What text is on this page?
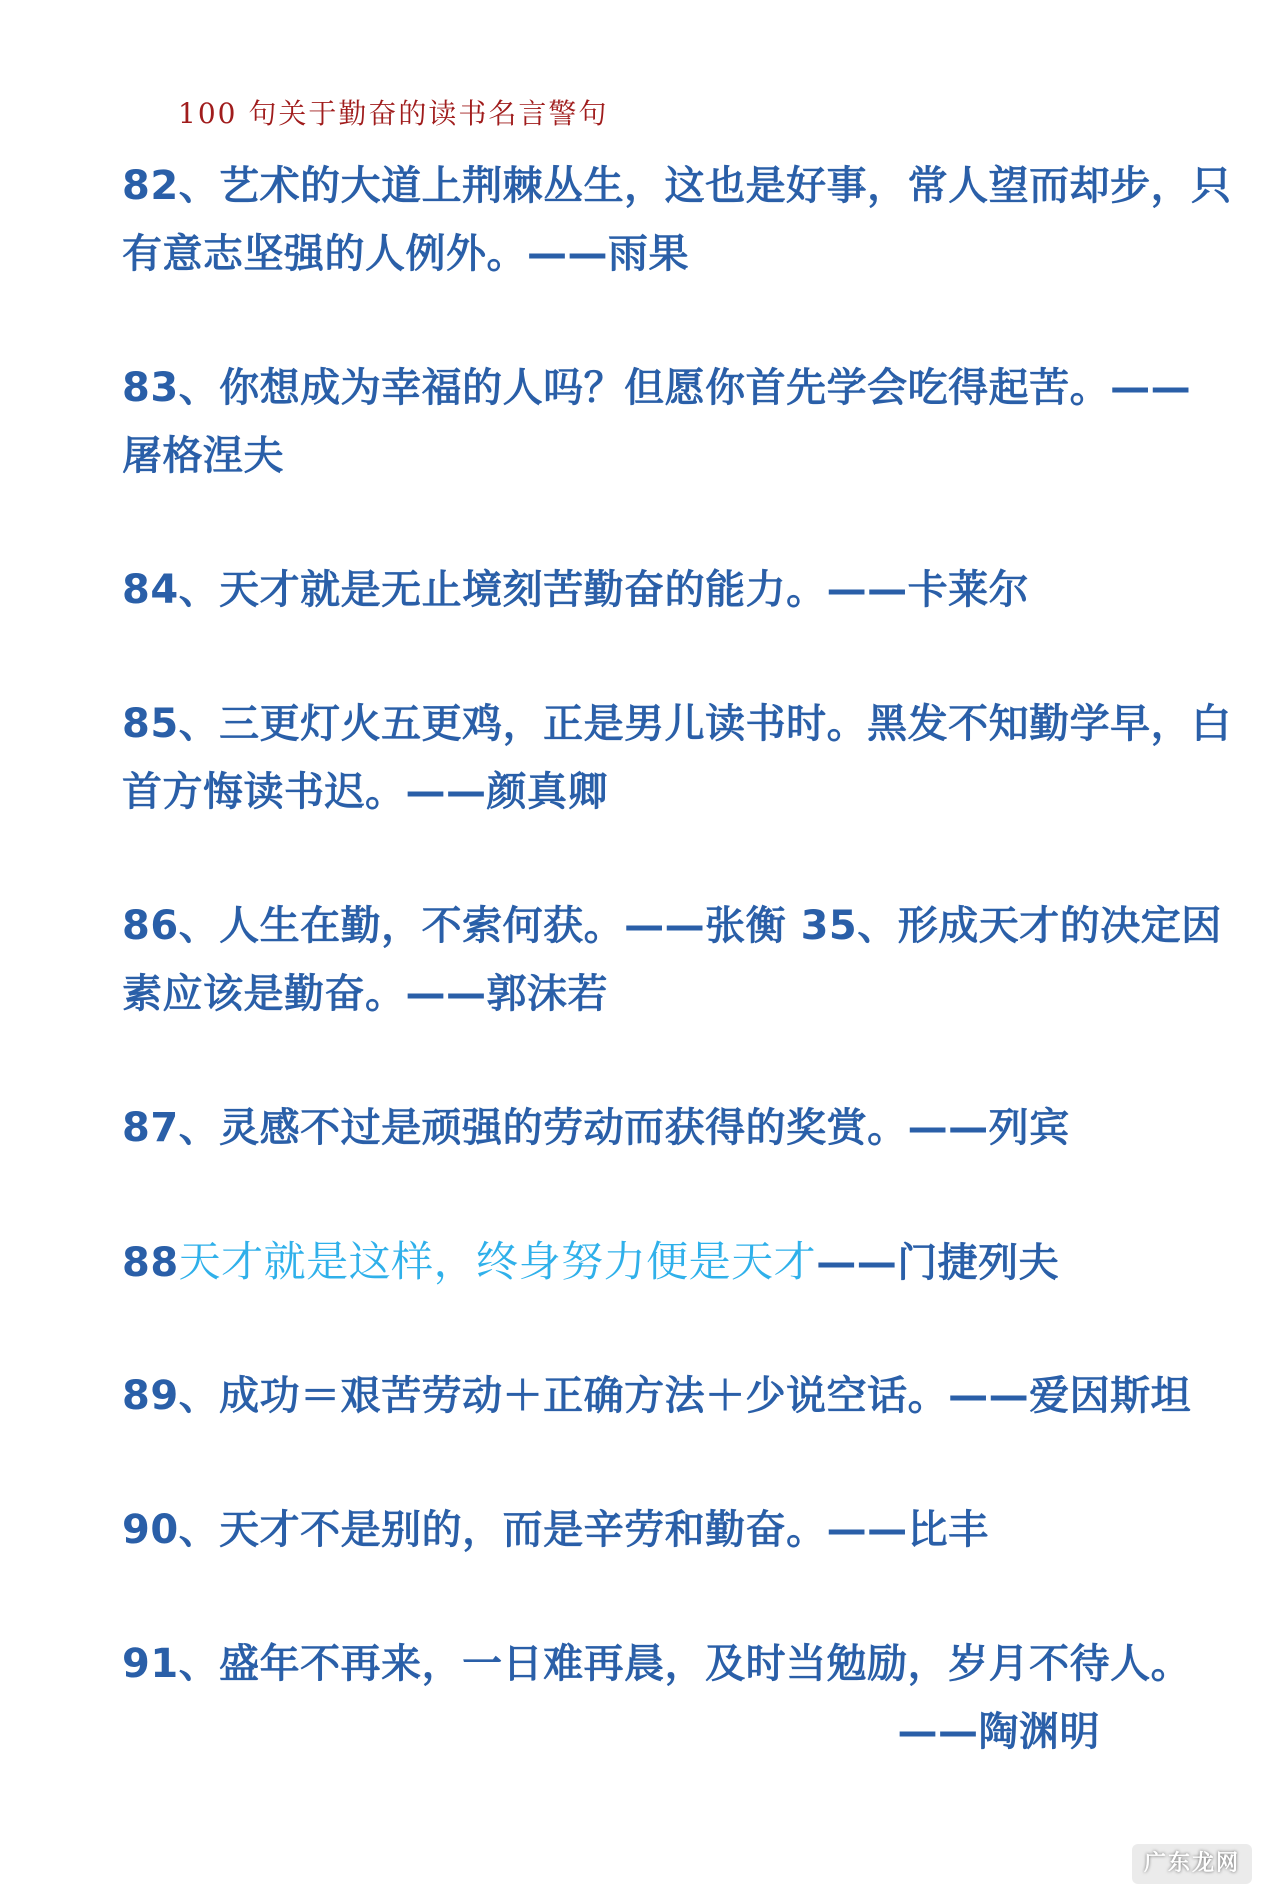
100 句关于勤奋的读书名言警句
82、艺术的大道上荆棘丛生，这也是好事，常人望而却步，只
有意志坚强的人例外。——雨果
83、你想成为幸福的人吗？但愿你首先学会吃得起苦。——
屠格涅夫
84、天才就是无止境刻苦勤奋的能力。——卡莱尔
85、三更灯火五更鸡，正是男儿读书时。黑发不知勤学早，白
首方悔读书迟。——颜真卿
86、人生在勤，不索何获。——张衡 35、形成天才的决定因
素应该是勤奋。——郭沫若
87、灵感不过是顽强的劳动而获得的奖赏。——列宾
88天才就是这样，终身努力便是天才——门捷列夫
89、成功＝艰苦劳动＋正确方法＋少说空话。——爱因斯坦
90、天才不是别的，而是辛劳和勤奋。——比丰
91、盛年不再来，一日难再晨，及时当勉励，岁月不待人。
——陶渊明
广东龙网
